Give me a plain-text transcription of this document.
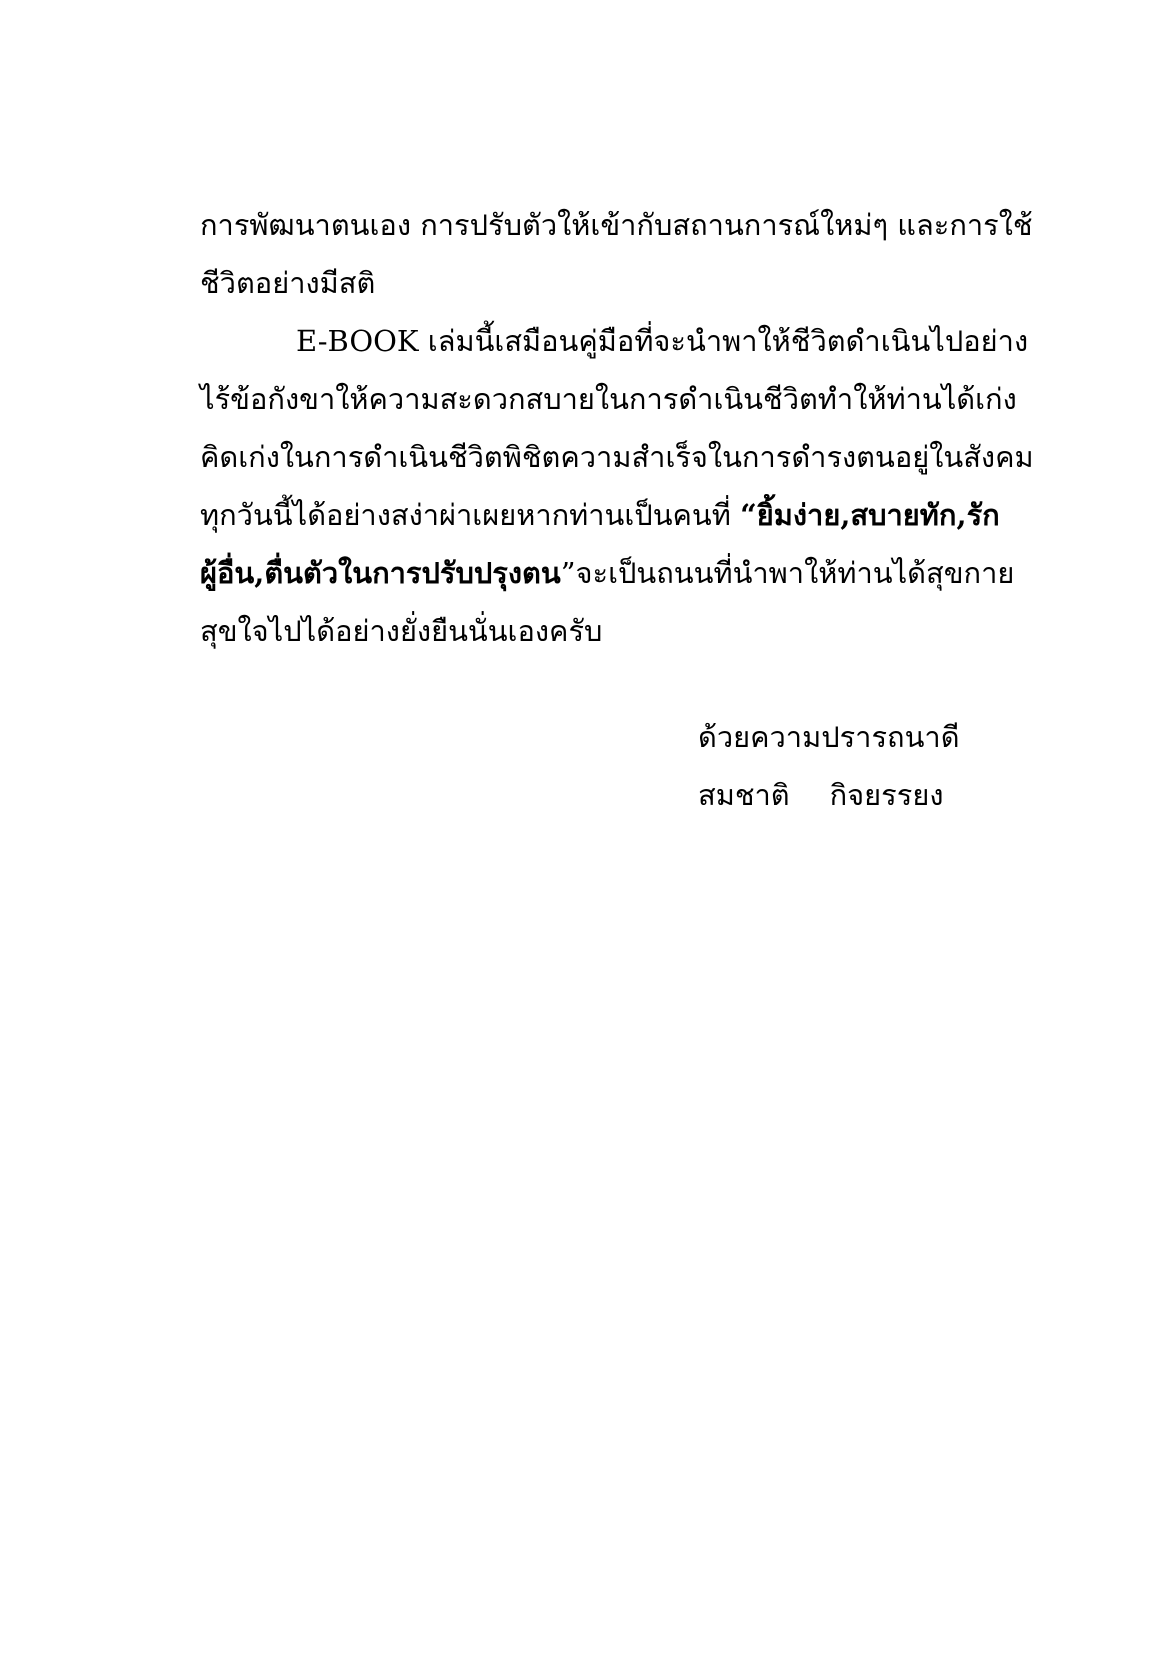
การพัฒนาตนเอง การปรับตัวให้เข้ากับสถานการณ์ใหม่ๆ และการใช้
ชีวิตอย่างมีสติ
E-BOOK เล่มนี้เสมือนคู่มือที่จะนำพาให้ชีวิตดำเนินไปอย่าง
ไร้ข้อกังขาให้ความสะดวกสบายในการดำเนินชีวิตทำให้ท่านได้เก่ง
คิดเก่งในการดำเนินชีวิตพิชิตความสำเร็จในการดำรงตนอยู่ในสังคม
ทุกวันนี้ได้อย่างสง่าผ่าเผยหากท่านเป็นคนที่ “ยิ้มง่าย,สบายทัก,รัก
ผู้อื่น,ตื่นตัวในการปรับปรุงตน”จะเป็นถนนที่นำพาให้ท่านได้สุขกาย
สุขใจไปได้อย่างยั่งยืนนั่นเองครับ
ด้วยความปรารถนาดี
สมชาติ กิจยรรยง
